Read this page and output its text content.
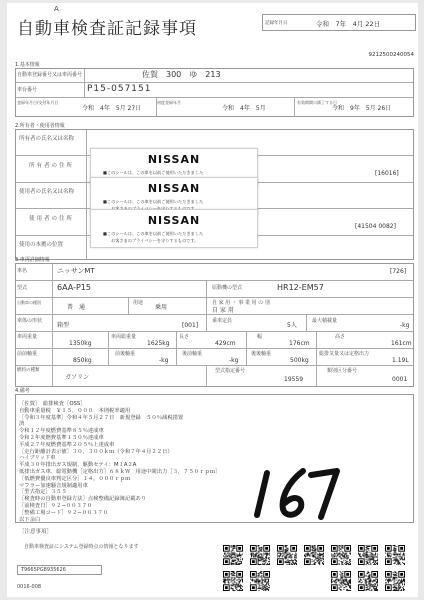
A
自動車検査証記録事項	記録年月日	令和　7年　4月 22日
9212500240054
1.基本情報
自動車登録番号又は車両番号	佐賀　300　ゆ　213
車台番号	P15-057151
登録年月日/交付年月日
令和　4年　5月 27日
初度登録年月
令和　4年　5月
有効期間の満了する日
令和　9年　5月 26日
2.所有者・使用者情報
所有者の氏名又は名称
所有者の住所
[16016]
使用者の氏名又は名称
使用者の住所
[41504 0082]
使用の本拠の位置
NISSAN
■このシールは、この車を以前ご使用いただきました
NISSAN
■このシールは、この車を以前ご使用いただきました
NISSAN
■このシールは、この車を以前ご使用いただきました
お客さまのプライバシーを守りするものです。
3.車両詳細情報
車名	ニッサンMT	[726]
型式	6AA-P15	原動機の型式	HR12-EM57
自動車の種別
普　通
用途
乗用
自 家 用 ・ 事 業 用 の 別
自 家 用
車体の形状
箱型	[001]
乗車定員
5人
最大積載量
-kg
車両重量
1350kg
車両総重量
1625kg
長さ
429cm
幅
176cm
高さ
161cm
前前軸重
850kg
前後軸重
-kg
後前軸重
-kg
後後軸重
500kg
総排気量又は定格出力
1.19L
燃料の種類
ガソリン
型式指定番号
19559
類別区分番号
0001
4.備考
［佐賀］　総排検査［OSS］
自動車重量税　￥１５，０００　本則税率適用
［令和３年度基準］令和４年５月２７日　新規登録　５０％減税措置
済
令和１２年度燃費基準８５％達成車
令和２年度燃費基準１５０％達成車
平成２７年度燃費基準２０５％上達成車
［走行距離計表示値］３０，３００ｋｍ（令和７年４月２２日）
ハイブリッド車
平成３０年排出ガス規制、駆動セテイ：M１A２A
低排出ガス車、総電動機［定格出力］６８ｋＷ　用途中間出力［３，７５０ｒｐｍ］
［低燃費優良車判定区分］１４，０００ｒｐｍ
マフラー加速騒音規制適用車
［型式指定］３５５
［検査時の自動車登録方法］点検整備記録簿記載あり
［前検査日］９２−００３７０
［整備工場コード］９２−００３７０
以下余白
［注意事項］
　自動車検査証にシステム登録時点の情報となります
T9665PG8935626
0016-008
